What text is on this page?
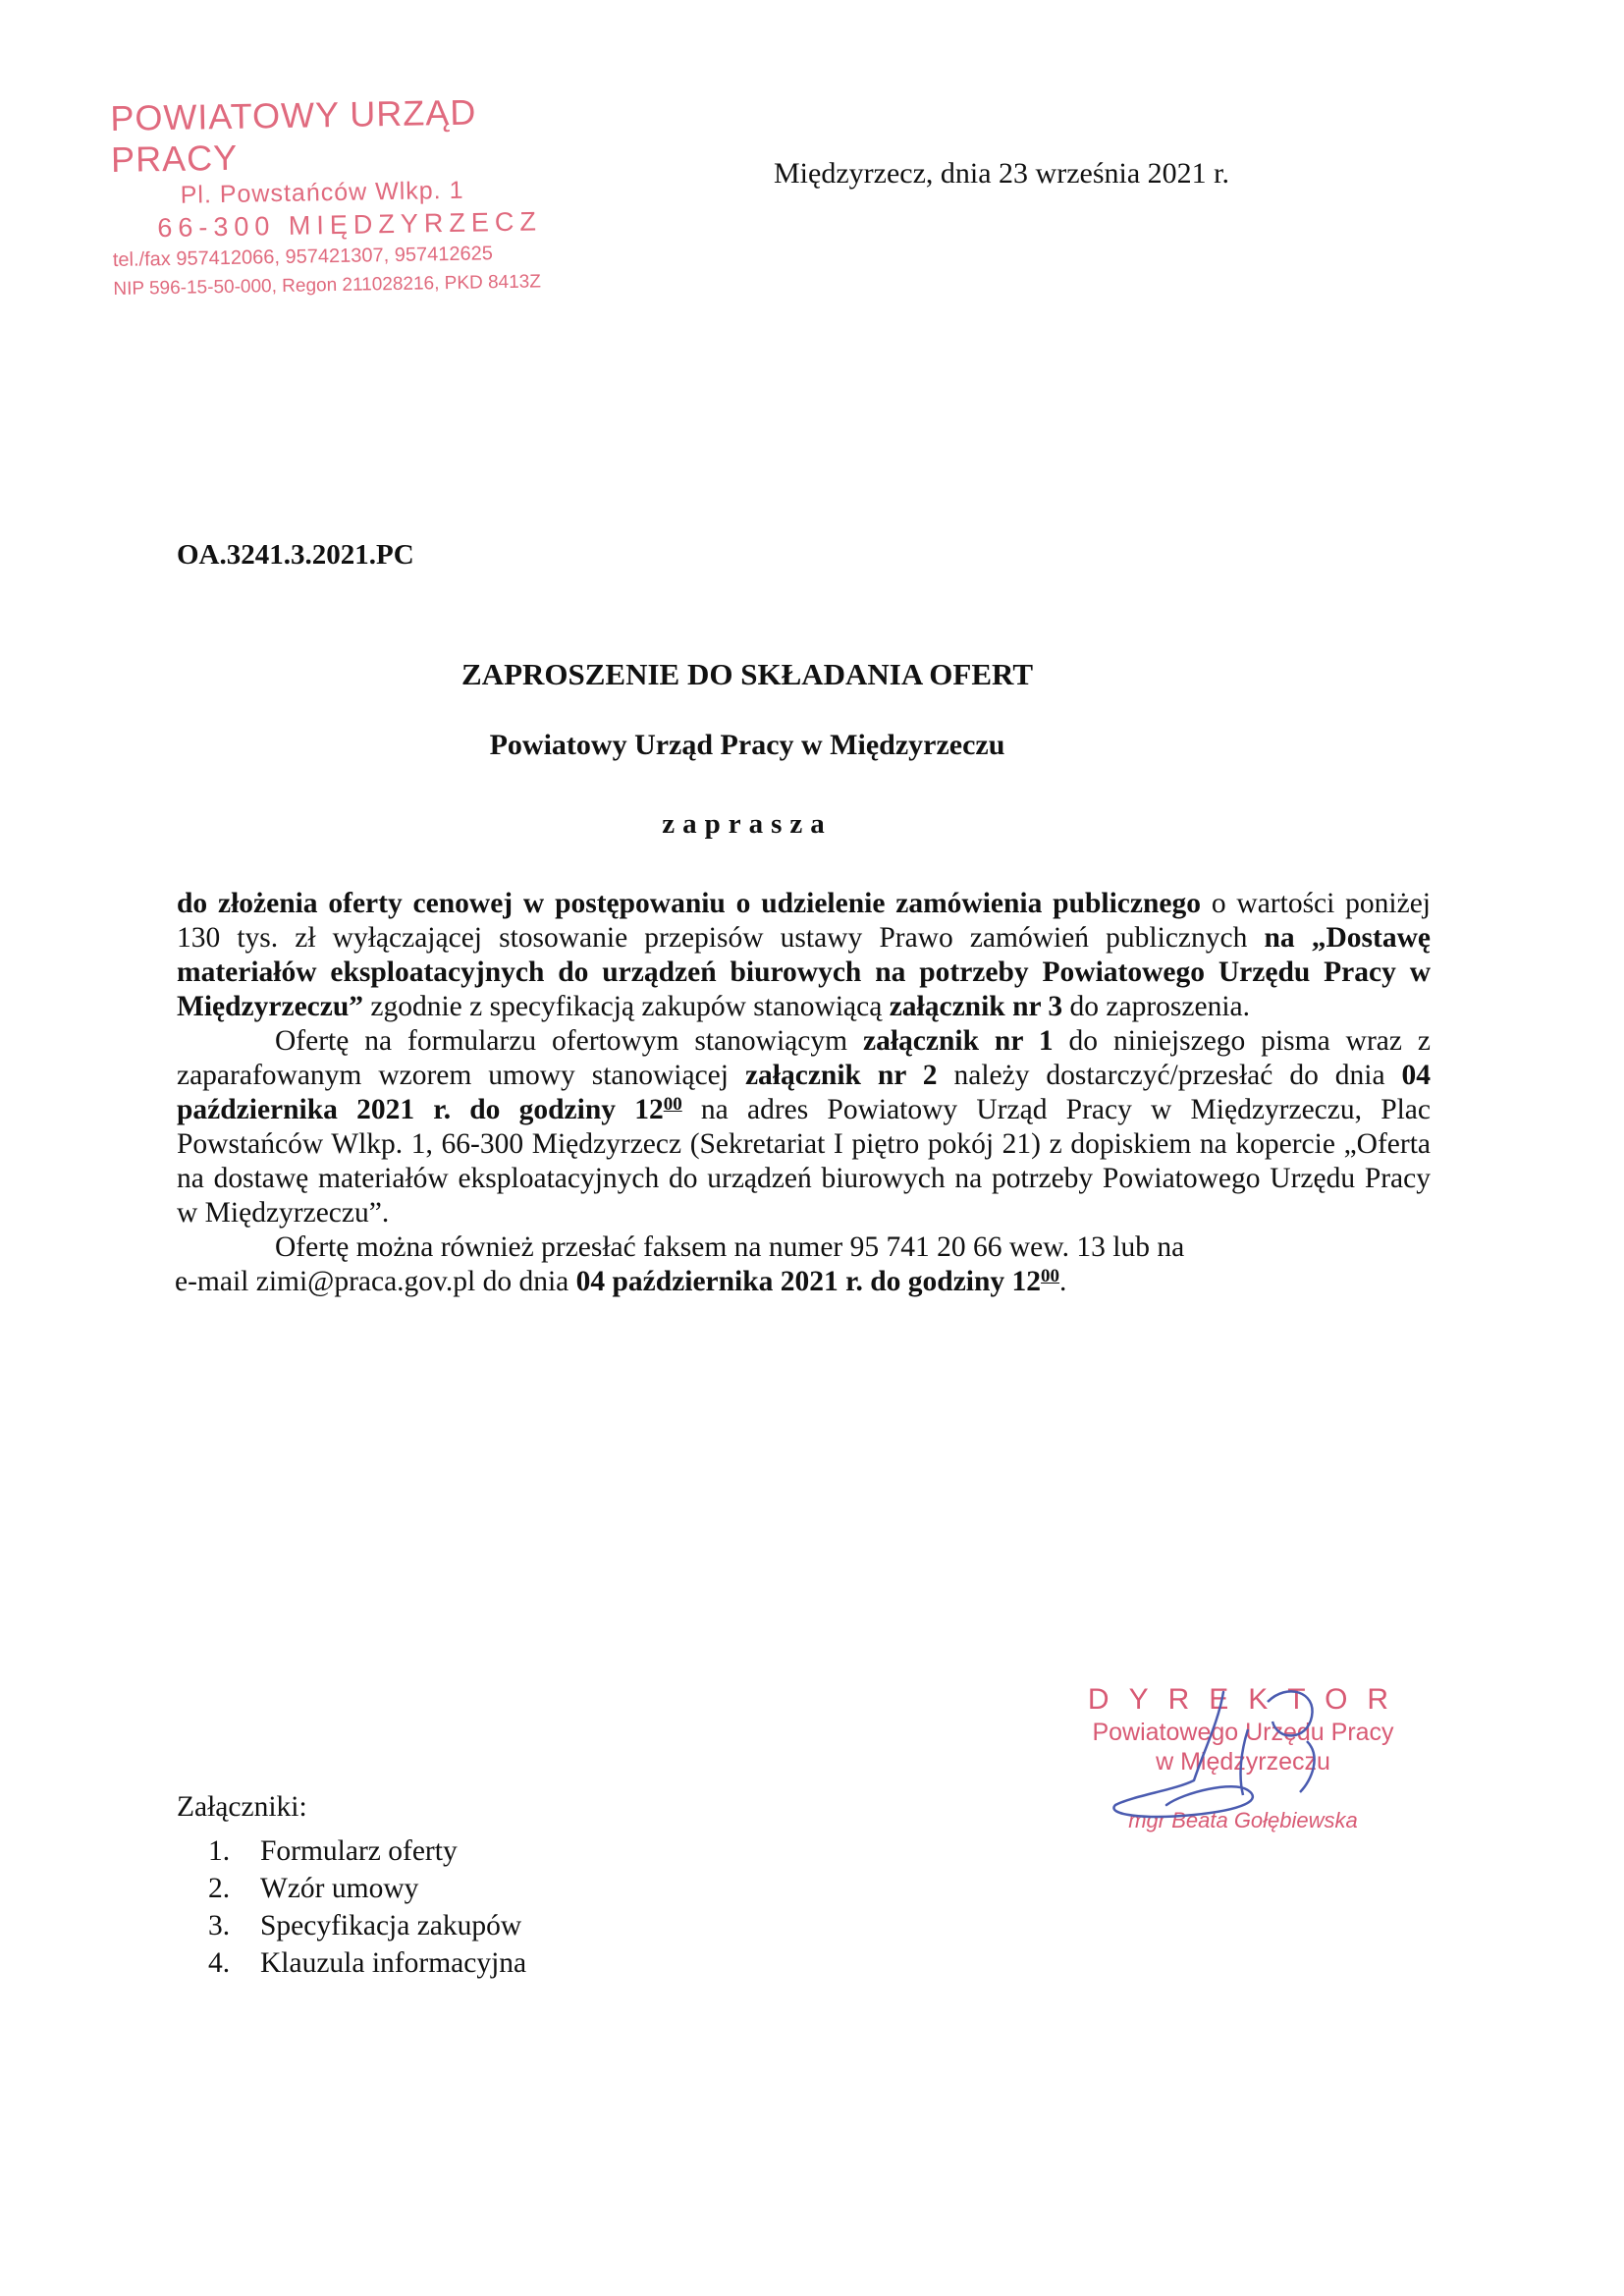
POWIATOWY URZĄD PRACY
Pl. Powstańców Wlkp. 1
66-300 MIĘDZYRZECZ
tel./fax 957412066, 957421307, 957412625
NIP 596-15-50-000, Regon 211028216, PKD 8413Z
Międzyrzecz, dnia 23 września 2021 r.
OA.3241.3.2021.PC
ZAPROSZENIE DO SKŁADANIA OFERT
Powiatowy Urząd Pracy w Międzyrzeczu
zaprasza

do złożenia oferty cenowej w postępowaniu o udzielenie zamówienia publicznego o wartości poniżej 130 tys. zł wyłączającej stosowanie przepisów ustawy Prawo zamówień publicznych na „Dostawę materiałów eksploatacyjnych do urządzeń biurowych na potrzeby Powiatowego Urzędu Pracy w Międzyrzeczu” zgodnie z specyfikacją zakupów stanowiącą załącznik nr 3 do zaproszenia.

Ofertę na formularzu ofertowym stanowiącym załącznik nr 1 do niniejszego pisma wraz z zaparafowanym wzorem umowy stanowiącej załącznik nr 2 należy dostarczyć/przesłać do dnia 04 października 2021 r. do godziny $12^{00}$ na adres Powiatowy Urząd Pracy w Międzyrzeczu, Plac Powstańców Wlkp. 1, 66-300 Międzyrzecz (Sekretariat I piętro pokój 21) z dopiskiem na kopercie „Oferta na dostawę materiałów eksploatacyjnych do urządzeń biurowych na potrzeby Powiatowego Urzędu Pracy w Międzyrzeczu”.

Ofertę można również przesłać faksem na numer 95 741 20 66 wew. 13 lub na

e-mail zimi@praca.gov.pl do dnia 04 października 2021 r. do godziny $12^{00}$.

DYREKTOR
Powiatowego Urzędu Pracy
w Międzyrzeczu
mgr Beata Gołębiewska
Załączniki:
1.	Formularz oferty
2.	Wzór umowy
3.	Specyfikacja zakupów
4.	Klauzula informacyjna
